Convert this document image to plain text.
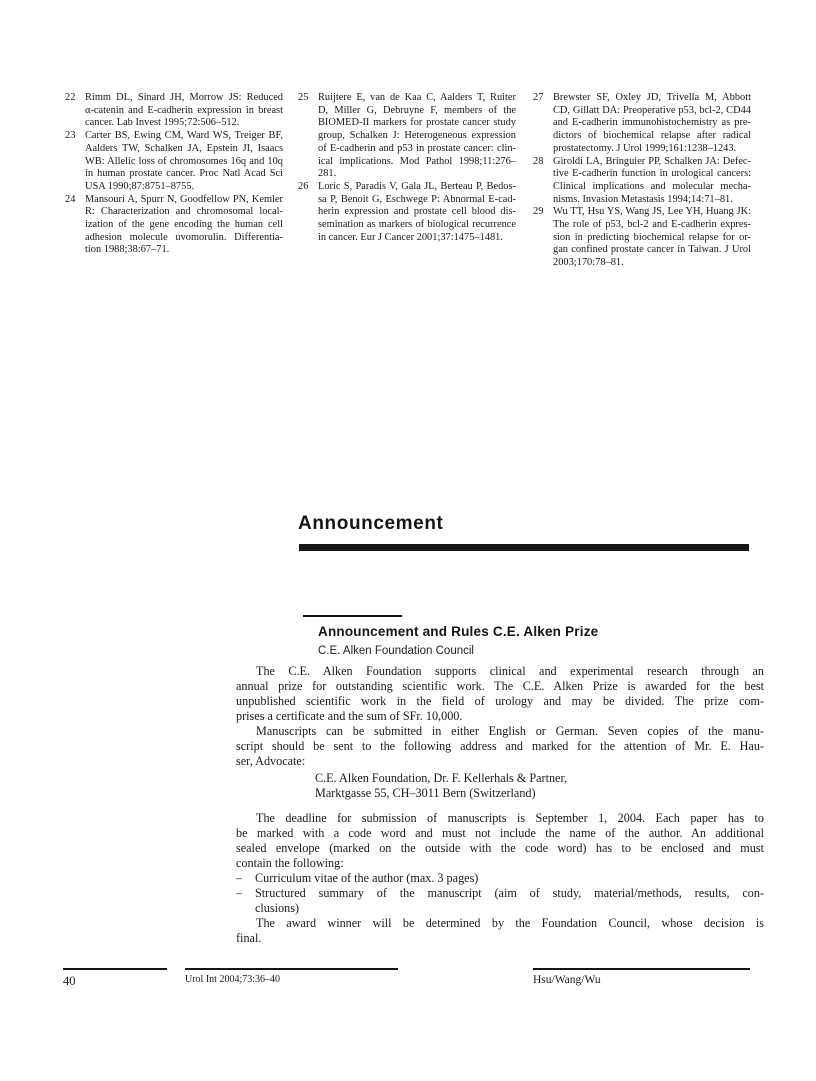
22 Rimm DL, Sinard JH, Morrow JS: Reduced
α-catenin and E-cadherin expression in breast
cancer. Lab Invest 1995;72:506–512.
23 Carter BS, Ewing CM, Ward WS, Treiger BF,
Aalders TW, Schalken JA, Epstein JI, Isaacs
WB: Allelic loss of chromosomes 16q and 10q
in human prostate cancer. Proc Natl Acad Sci
USA 1990;87:8751–8755.
24 Mansouri A, Spurr N, Goodfellow PN, Kemler
R: Characterization and chromosomal local-
ization of the gene encoding the human cell
adhesion molecule uvomorulin. Differentia-
tion 1988;38:67–71.
25 Ruijtere E, van de Kaa C, Aalders T, Ruiter
D, Miller G, Debruyne F, members of the
BIOMED-II markers for prostate cancer study
group, Schalken J: Heterogeneous expression
of E-cadherin and p53 in prostate cancer: clin-
ical implications. Mod Pathol 1998;11:276–
281.
26 Loric S, Paradis V, Gala JL, Berteau P, Bedos-
sa P, Benoit G, Eschwege P: Abnormal E-cad-
herin expression and prostate cell blood dis-
semination as markers of biological recurrence
in cancer. Eur J Cancer 2001;37:1475–1481.
27 Brewster SF, Oxley JD, Trivella M, Abbott
CD, Gillatt DA: Preoperative p53, bcl-2, CD44
and E-cadherin immunohistochemistry as pre-
dictors of biochemical relapse after radical
prostatectomy. J Urol 1999;161:1238–1243.
28 Giroldi LA, Bringuier PP, Schalken JA: Defec-
tive E-cadherin function in urological cancers:
Clinical implications and molecular mecha-
nisms. Invasion Metastasis 1994;14:71–81.
29 Wu TT, Hsu YS, Wang JS, Lee YH, Huang JK:
The role of p53, bcl-2 and E-cadherin expres-
sion in predicting biochemical relapse for or-
gan confined prostate cancer in Taiwan. J Urol
2003;170:78–81.
Announcement
Announcement and Rules C.E. Alken Prize
C.E. Alken Foundation Council
The C.E. Alken Foundation supports clinical and experimental research through an
annual prize for outstanding scientific work. The C.E. Alken Prize is awarded for the best
unpublished scientific work in the field of urology and may be divided. The prize com-
prises a certificate and the sum of SFr. 10,000.
Manuscripts can be submitted in either English or German. Seven copies of the manu-
script should be sent to the following address and marked for the attention of Mr. E. Hau-
ser, Advocate:
C.E. Alken Foundation, Dr. F. Kellerhals & Partner,
Marktgasse 55, CH–3011 Bern (Switzerland)
The deadline for submission of manuscripts is September 1, 2004. Each paper has to
be marked with a code word and must not include the name of the author. An additional
sealed envelope (marked on the outside with the code word) has to be enclosed and must
contain the following:
– Curriculum vitae of the author (max. 3 pages)
– Structured summary of the manuscript (aim of study, material/methods, results, con-
clusions)
The award winner will be determined by the Foundation Council, whose decision is
final.
40	Urol Int 2004;73:36–40	Hsu/Wang/Wu
